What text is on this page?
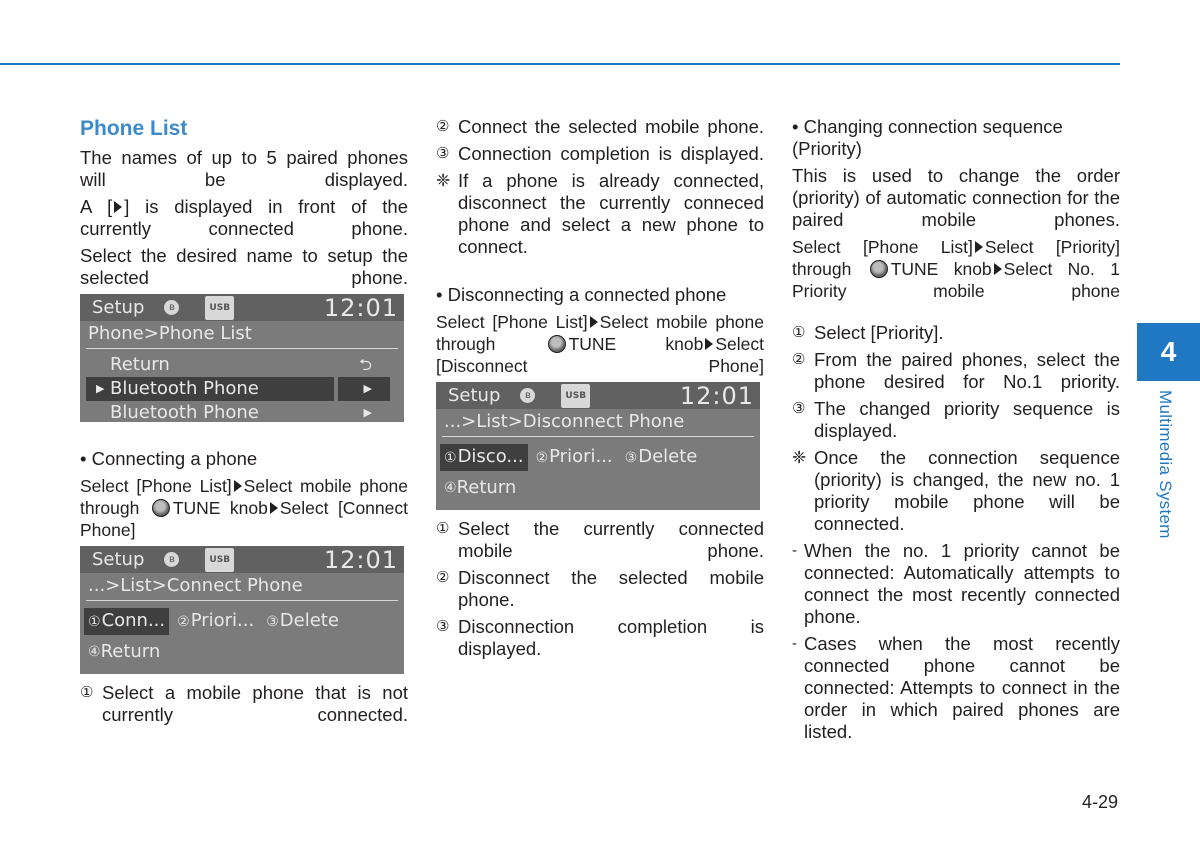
Phone List

The names of up to 5 paired phones will be displayed.

A [ ] is displayed in front of the currently connected phone.

Select the desired name to setup the selected phone.

Setup	ʙ	USB	12:01
Phone>Phone List
Return	⮌
▶ Bluetooth Phone	▶
Bluetooth Phone	▶

• Connecting a phone

Select [Phone List] Select mobile phone through TUNE knob Select [Connect Phone]

Setup	ʙ	USB	12:01
...>List>Connect Phone
①Conn... ②Priori... ③Delete
④ Return
① Select a mobile phone that is not currently connected.
② Connect the selected mobile phone.
③ Connection completion is displayed.
❈ If a phone is already connected, disconnect the currently conneced phone and select a new phone to connect.

• Disconnecting a connected phone

Select [Phone List] Select mobile phone through	TUNE knob Select [Disconnect Phone]

Setup	ʙ	USB	12:01
...>List>Disconnect Phone
①Disco... ②Priori... ③Delete
④ Return
① Select the currently connected mobile phone.
② Disconnect the selected mobile phone.
③ Disconnection completion is displayed.

• Changing connection sequence (Priority)

This is used to change the order (priority) of automatic connection for the paired mobile phones.

Select [Phone List] Select [Priority] through TUNE knob Select No. 1 Priority mobile phone

① Select [Priority].
② From the paired phones, select the phone desired for No.1 priority.
③ The changed priority sequence is displayed.
❈ Once the connection sequence (priority) is changed, the new no. 1 priority mobile phone will be connected.
- When the no. 1 priority cannot be connected: Automatically attempts to connect the most recently connected phone.
- Cases when the most recently connected phone cannot be connected: Attempts to connect in the order in which paired phones are listed.
4
Multimedia System
4-29
